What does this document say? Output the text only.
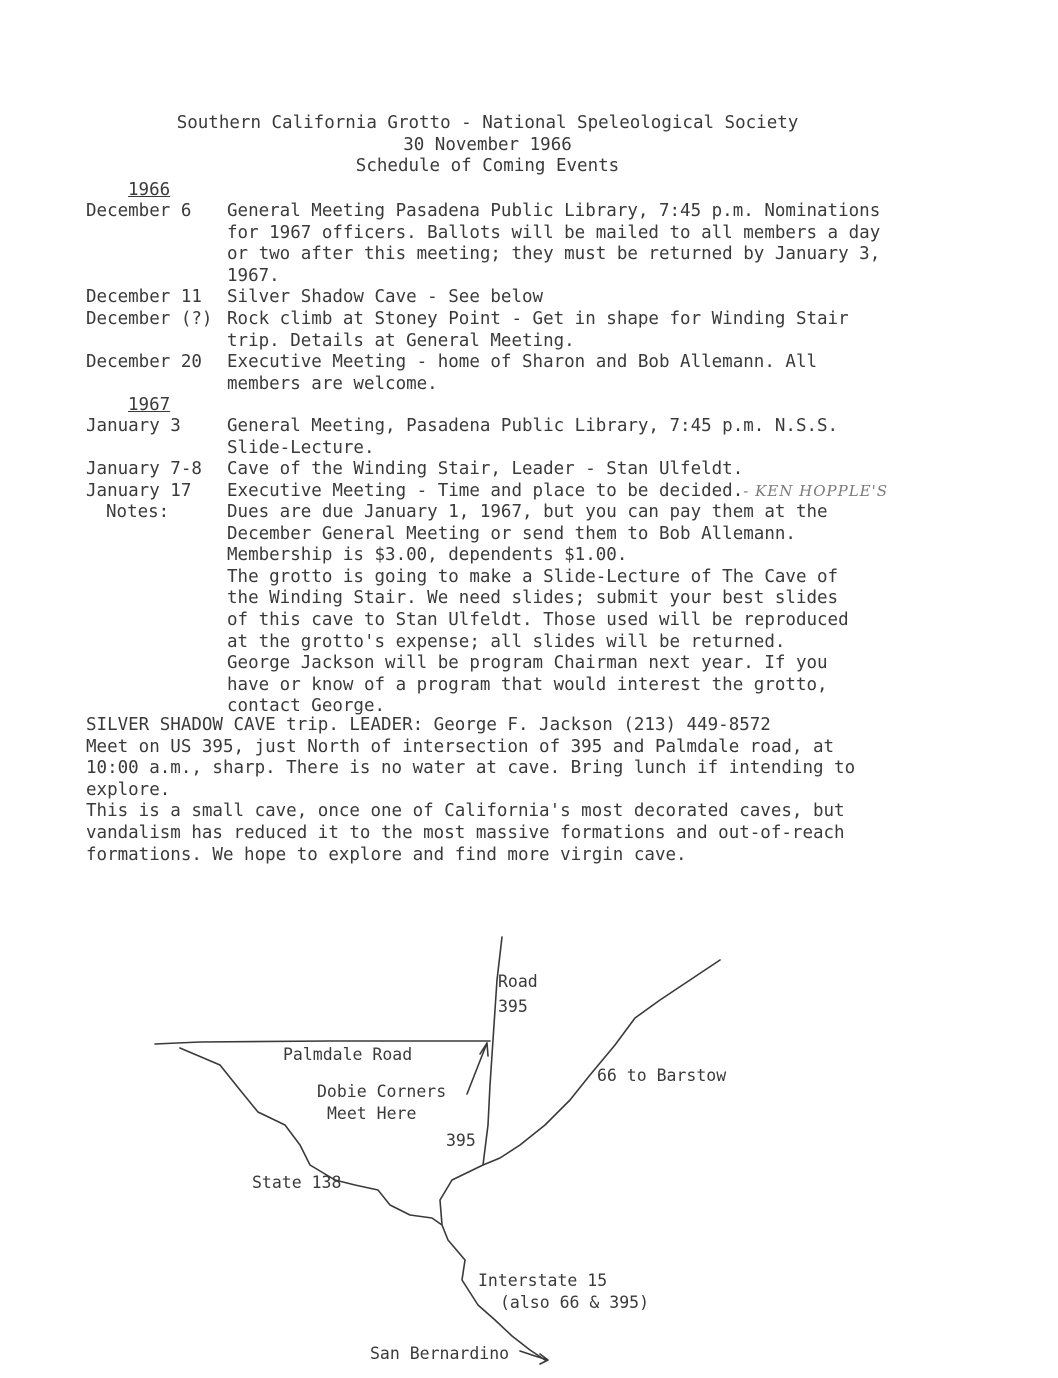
Southern California Grotto - National Speleological Society
30 November 1966
Schedule of Coming Events
1966
December 6 General Meeting Pasadena Public Library, 7:45 p.m. Nominations
for 1967 officers. Ballots will be mailed to all members a day
or two after this meeting; they must be returned by January 3,
1967.
December 11 Silver Shadow Cave - See below
December (?) Rock climb at Stoney Point - Get in shape for Winding Stair
trip. Details at General Meeting.
December 20 Executive Meeting - home of Sharon and Bob Allemann. All
members are welcome.
1967
January 3	General Meeting, Pasadena Public Library, 7:45 p.m. N.S.S.
Slide-Lecture.
January 7-8 Cave of the Winding Stair, Leader - Stan Ulfeldt.
January 17 Executive Meeting - Time and place to be decided.- KEN HOPPLE'S
Notes:	Dues are due January 1, 1967, but you can pay them at the
December General Meeting or send them to Bob Allemann.
Membership is $3.00, dependents $1.00.
The grotto is going to make a Slide-Lecture of The Cave of
the Winding Stair. We need slides; submit your best slides
of this cave to Stan Ulfeldt. Those used will be reproduced
at the grotto's expense; all slides will be returned.
George Jackson will be program Chairman next year. If you
have or know of a program that would interest the grotto,
contact George.
SILVER SHADOW CAVE trip. LEADER: George F. Jackson (213) 449-8572
Meet on US 395, just North of intersection of 395 and Palmdale road, at
10:00 a.m., sharp. There is no water at cave. Bring lunch if intending to
explore.
This is a small cave, once one of California's most decorated caves, but
vandalism has reduced it to the most massive formations and out-of-reach
formations. We hope to explore and find more virgin cave.
Road
395
Palmdale Road
Dobie Corners
Meet Here
395
66 to Barstow
State 138
Interstate 15
(also 66 & 395)
San Bernardino
